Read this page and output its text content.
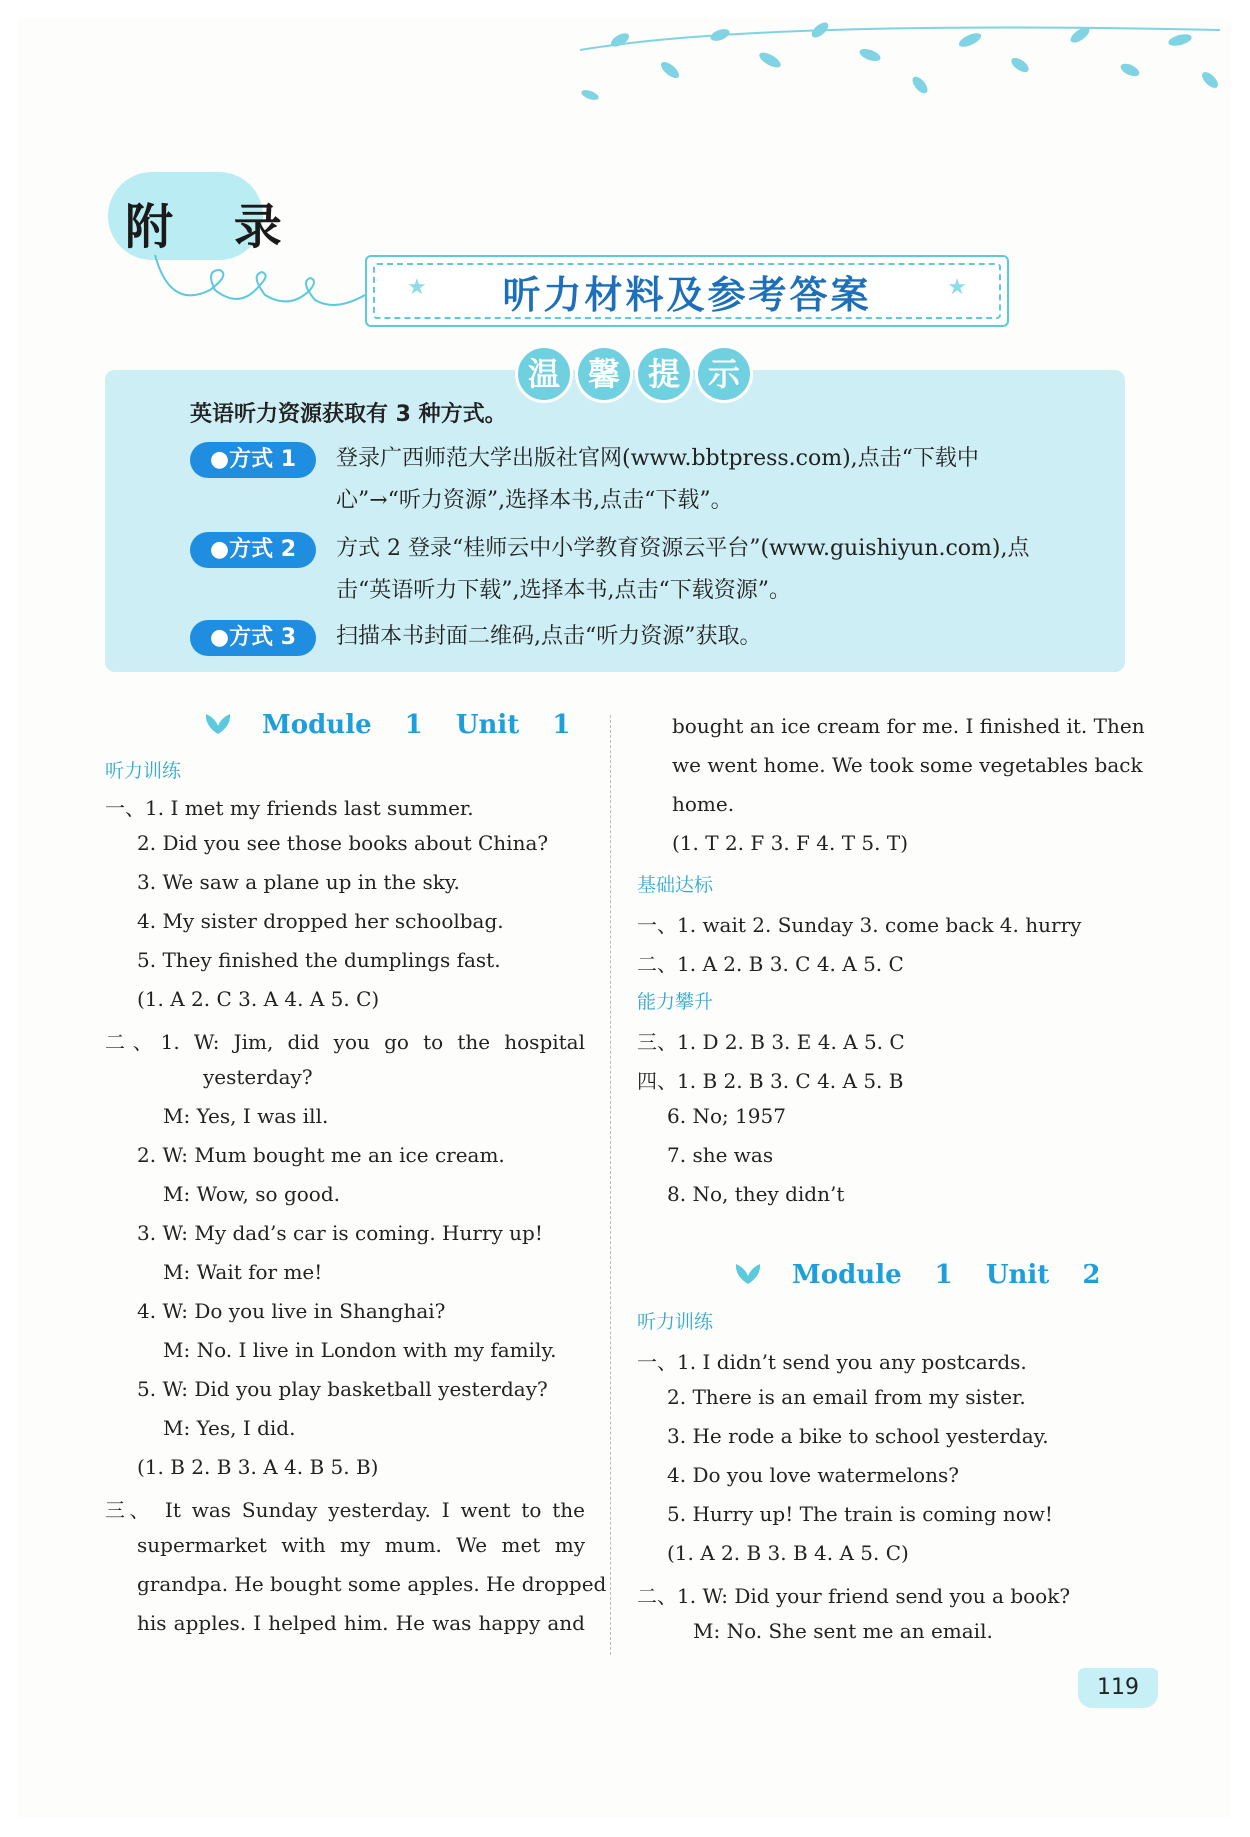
附 录
听力材料及参考答案
★	★
温 馨 提 示
英语听力资源获取有 3 种方式。
●方式 1	登录广西师范大学出版社官网(www.bbtpress.com),点击“下载中心”→“听力资源”,选择本书,点击“下载”。
●方式 2	方式 2 登录“桂师云中小学教育资源云平台”(www.guishiyun.com),点击“英语听力下载”,选择本书,点击“下载资源”。
●方式 3	扫描本书封面二维码,点击“听力资源”获取。
Module 1 Unit 1
听力训练
一、1. I met my friends last summer.
2. Did you see those books about China?
3. We saw a plane up in the sky.
4. My sister dropped her schoolbag.
5. They finished the dumplings fast.
(1. A 2. C 3. A 4. A 5. C)
二、1. W: Jim, did you go to the hospital
yesterday?
M: Yes, I was ill.
2. W: Mum bought me an ice cream.
M: Wow, so good.
3. W: My dad’s car is coming. Hurry up!
M: Wait for me!
4. W: Do you live in Shanghai?
M: No. I live in London with my family.
5. W: Did you play basketball yesterday?
M: Yes, I did.
(1. B 2. B 3. A 4. B 5. B)
三、 It was Sunday yesterday. I went to the
supermarket with my mum. We met my
grandpa. He bought some apples. He dropped
his apples. I helped him. He was happy and
bought an ice cream for me. I finished it. Then
we went home. We took some vegetables back
home.
(1. T 2. F 3. F 4. T 5. T)
基础达标
一、1. wait 2. Sunday 3. come back 4. hurry
二、1. A 2. B 3. C 4. A 5. C
能力攀升
三、1. D 2. B 3. E 4. A 5. C
四、1. B 2. B 3. C 4. A 5. B
6. No; 1957
7. she was
8. No, they didn’t
Module 1 Unit 2
听力训练
一、1. I didn’t send you any postcards.
2. There is an email from my sister.
3. He rode a bike to school yesterday.
4. Do you love watermelons?
5. Hurry up! The train is coming now!
(1. A 2. B 3. B 4. A 5. C)
二、1. W: Did your friend send you a book?
M: No. She sent me an email.
119
